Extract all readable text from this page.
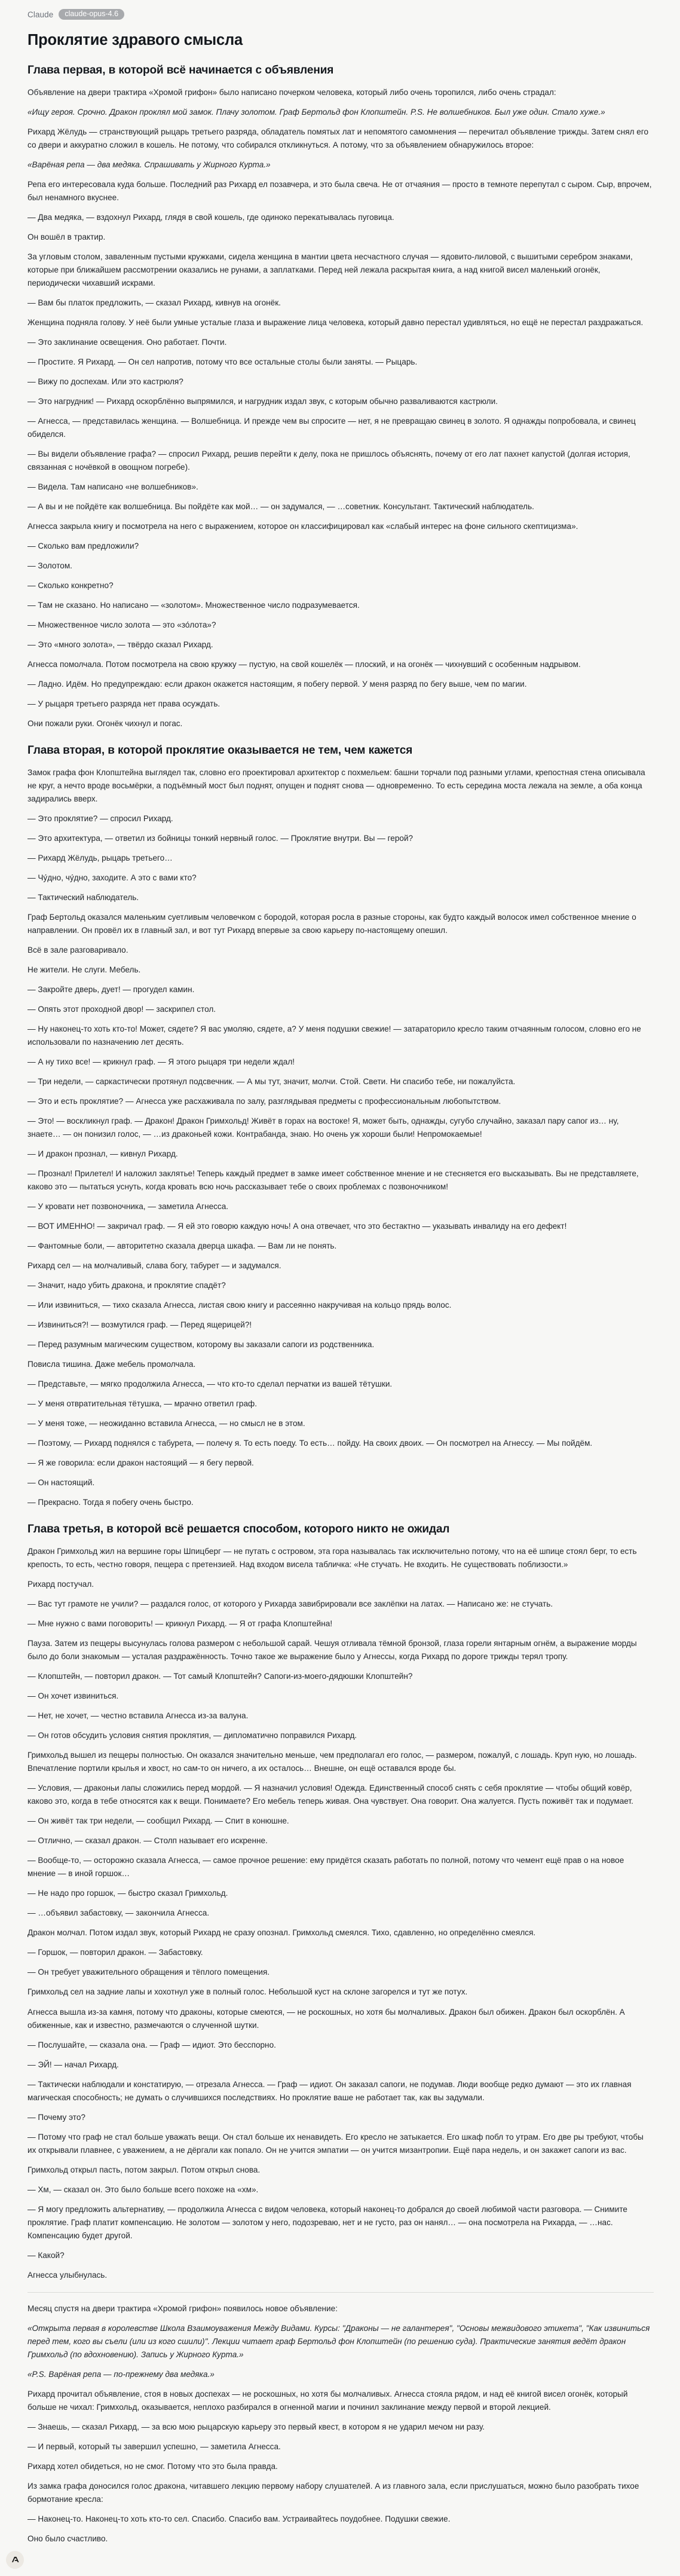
Claude	claude-opus-4.6
Проклятие здравого смысла
Глава первая, в которой всё начинается с объявления

Объявление на двери трактира «Хромой грифон» было написано почерком человека, который либо очень торопился, либо очень страдал:

«Ищу героя. Срочно. Дракон проклял мой замок. Плачу золотом. Граф Бертольд фон Клопштейн. P.S. Не волшебников. Был уже один. Стало хуже.»

Рихард Жёлудь — странствующий рыцарь третьего разряда, обладатель помятых лат и непомятого самомнения — перечитал объявление трижды. Затем снял его со двери и аккуратно сложил в кошель. Не потому, что собирался откликнуться. А потому, что за объявлением обнаружилось второе:

«Варёная репа — два медяка. Спрашивать у Жирного Курта.»

Репа его интересовала куда больше. Последний раз Рихард ел позавчера, и это была свеча. Не от отчаяния — просто в темноте перепутал с сыром. Сыр, впрочем, был ненамного вкуснее.

— Два медяка, — вздохнул Рихард, глядя в свой кошель, где одиноко перекатывалась пуговица.

Он вошёл в трактир.

За угловым столом, заваленным пустыми кружками, сидела женщина в мантии цвета несчастного случая — ядовито-лиловой, с вышитыми серебром знаками, которые при ближайшем рассмотрении оказались не рунами, а заплатками. Перед ней лежала раскрытая книга, а над книгой висел маленький огонёк, периодически чихавший искрами.

— Вам бы платок предложить, — сказал Рихард, кивнув на огонёк.

Женщина подняла голову. У неё были умные усталые глаза и выражение лица человека, который давно перестал удивляться, но ещё не перестал раздражаться.

— Это заклинание освещения. Оно работает. Почти.

— Простите. Я Рихард. — Он сел напротив, потому что все остальные столы были заняты. — Рыцарь.

— Вижу по доспехам. Или это кастрюля?

— Это нагрудник! — Рихард оскорблённо выпрямился, и нагрудник издал звук, с которым обычно разваливаются кастрюли.

— Агнесса, — представилась женщина. — Волшебница. И прежде чем вы спросите — нет, я не превращаю свинец в золото. Я однажды попробовала, и свинец обиделся.

— Вы видели объявление графа? — спросил Рихард, решив перейти к делу, пока не пришлось объяснять, почему от его лат пахнет капустой (долгая история, связанная с ночёвкой в овощном погребе).

— Видела. Там написано «не волшебников».

— А вы и не пойдёте как волшебница. Вы пойдёте как мой… — он задумался, — …советник. Консультант. Тактический наблюдатель.

Агнесса закрыла книгу и посмотрела на него с выражением, которое он классифицировал как «слабый интерес на фоне сильного скептицизма».

— Сколько вам предложили?

— Золотом.

— Сколько конкретно?

— Там не сказано. Но написано — «золотом». Множественное число подразумевается.

— Множественное число золота — это «зо́лота»?

— Это «много золота», — твёрдо сказал Рихард.

Агнесса помолчала. Потом посмотрела на свою кружку — пустую, на свой кошелёк — плоский, и на огонёк — чихнувший с особенным надрывом.

— Ладно. Идём. Но предупреждаю: если дракон окажется настоящим, я побегу первой. У меня разряд по бегу выше, чем по магии.

— У рыцаря третьего разряда нет права осуждать.

Они пожали руки. Огонёк чихнул и погас.

Глава вторая, в которой проклятие оказывается не тем, чем кажется

Замок графа фон Клопштейна выглядел так, словно его проектировал архитектор с похмельем: башни торчали под разными углами, крепостная стена описывала не круг, а нечто вроде восьмёрки, а подъёмный мост был поднят, опущен и поднят снова — одновременно. То есть середина моста лежала на земле, а оба конца задирались вверх.

— Это проклятие? — спросил Рихард.

— Это архитектура, — ответил из бойницы тонкий нервный голос. — Проклятие внутри. Вы — герой?

— Рихард Жёлудь, рыцарь третьего…

— Чу́дно, чу́дно, заходите. А это с вами кто?

— Тактический наблюдатель.

Граф Бертольд оказался маленьким суетливым человечком с бородой, которая росла в разные стороны, как будто каждый волосок имел собственное мнение о направлении. Он провёл их в главный зал, и вот тут Рихард впервые за свою карьеру по-настоящему опешил.

Всё в зале разговаривало.

Не жители. Не слуги. Мебель.

— Закройте дверь, дует! — прогудел камин.

— Опять этот проходной двор! — заскрипел стол.

— Ну наконец-то хоть кто-то! Может, сядете? Я вас умоляю, сядете, а? У меня подушки свежие! — затараторило кресло таким отчаянным голосом, словно его не использовали по назначению лет десять.

— А ну тихо все! — крикнул граф. — Я этого рыцаря три недели ждал!

— Три недели, — саркастически протянул подсвечник. — А мы тут, значит, молчи. Стой. Свети. Ни спасибо тебе, ни пожалуйста.

— Это и есть проклятие? — Агнесса уже расхаживала по залу, разглядывая предметы с профессиональным любопытством.

— Это! — воскликнул граф. — Дракон! Дракон Гримхольд! Живёт в горах на востоке! Я, может быть, однажды, сугубо случайно, заказал пару сапог из… ну, знаете… — он понизил голос, — …из драконьей кожи. Контрабанда, знаю. Но очень уж хороши были! Непромокаемые!

— И дракон прознал, — кивнул Рихард.

— Прознал! Прилетел! И наложил заклятье! Теперь каждый предмет в замке имеет собственное мнение и не стесняется его высказывать. Вы не представляете, каково это — пытаться уснуть, когда кровать всю ночь рассказывает тебе о своих проблемах с позвоночником!

— У кровати нет позвоночника, — заметила Агнесса.

— ВОТ ИМЕННО! — закричал граф. — Я ей это говорю каждую ночь! А она отвечает, что это бестактно — указывать инвалиду на его дефект!

— Фантомные боли, — авторитетно сказала дверца шкафа. — Вам ли не понять.

Рихард сел — на молчаливый, слава богу, табурет — и задумался.

— Значит, надо убить дракона, и проклятие спадёт?

— Или извиниться, — тихо сказала Агнесса, листая свою книгу и рассеянно накручивая на кольцо прядь волос.

— Извиниться?! — возмутился граф. — Перед ящерицей?!

— Перед разумным магическим существом, которому вы заказали сапоги из родственника.

Повисла тишина. Даже мебель промолчала.

— Представьте, — мягко продолжила Агнесса, — что кто-то сделал перчатки из вашей тётушки.

— У меня отвратительная тётушка, — мрачно ответил граф.

— У меня тоже, — неожиданно вставила Агнесса, — но смысл не в этом.

— Поэтому, — Рихард поднялся с табурета, — полечу я. То есть поеду. То есть… пойду. На своих двоих. — Он посмотрел на Агнессу. — Мы пойдём.

— Я же говорила: если дракон настоящий — я бегу первой.

— Он настоящий.

— Прекрасно. Тогда я побегу очень быстро.

Глава третья, в которой всё решается способом, которого никто не ожидал

Дракон Гримхольд жил на вершине горы Шпицберг — не путать с островом, эта гора называлась так исключительно потому, что на её шпице стоял берг, то есть крепость, то есть, честно говоря, пещера с претензией. Над входом висела табличка: «Не стучать. Не входить. Не существовать поблизости.»

Рихард постучал.

— Вас тут грамоте не учили? — раздался голос, от которого у Рихарда завибрировали все заклёпки на латах. — Написано же: не стучать.

— Мне нужно с вами поговорить! — крикнул Рихард. — Я от графа Клопштейна!

Пауза. Затем из пещеры высунулась голова размером с небольшой сарай. Чешуя отливала тёмной бронзой, глаза горели янтарным огнём, а выражение морды было до боли знакомым — усталая раздражённость. Точно такое же выражение было у Агнессы, когда Рихард по дороге трижды терял тропу.

— Клопштейн, — повторил дракон. — Тот самый Клопштейн? Сапоги-из-моего-дядюшки Клопштейн?

— Он хочет извиниться.

— Нет, не хочет, — честно вставила Агнесса из-за валуна.

— Он готов обсудить условия снятия проклятия, — дипломатично поправился Рихард.

Гримхольд вышел из пещеры полностью. Он оказался значительно меньше, чем предполагал его голос, — размером, пожалуй, с лошадь. Круп ную, но лошадь. Впечатление портили крылья и хвост, но сам-то он ничего, а их осталось… Внешне, он ещё оставался вроде бы.

— Условия, — драконьи лапы сложились перед мордой. — Я назначил условия! Одежда. Единственный способ снять с себя проклятие — чтобы общий ковёр, каково это, когда в тебе относятся как к вещи. Понимаете? Его мебель теперь живая. Она чувствует. Она говорит. Она жалуется. Пусть поживёт так и подумает.

— Он живёт так три недели, — сообщил Рихард. — Спит в конюшне.

— Отлично, — сказал дракон. — Столп называет его искренне.

— Вообще-то, — осторожно сказала Агнесса, — самое прочное решение: ему придётся сказать работать по полной, потому что чемент ещё прав о на новое мнение — в иной горшок…

— Не надо про горшок, — быстро сказал Гримхольд.

— …объявил забастовку, — закончила Агнесса.

Дракон молчал. Потом издал звук, который Рихард не сразу опознал. Гримхольд смеялся. Тихо, сдавленно, но определённо смеялся.

— Горшок, — повторил дракон. — Забастовку.

— Он требует уважительного обращения и тёплого помещения.

Гримхольд сел на задние лапы и хохотнул уже в полный голос. Небольшой куст на склоне загорелся и тут же потух.

Агнесса вышла из-за камня, потому что драконы, которые смеются, — не роскошных, но хотя бы молчаливых. Дракон был обижен. Дракон был оскорблён. А обиженные, как и известно, размечаются о слученной шутки.

— Послушайте, — сказала она. — Граф — идиот. Это бесспорно.

— ЭЙ! — начал Рихард.

— Тактически наблюдали и констатирую, — отрезала Агнесса. — Граф — идиот. Он заказал сапоги, не подумав. Люди вообще редко думают — это их главная магическая способность; не думать о случившихся последствиях. Но проклятие ваше не работает так, как вы задумали.

— Почему это?

— Потому что граф не стал больше уважать вещи. Он стал больше их ненавидеть. Его кресло не затыкается. Его шкаф побл то утрам. Его две ры требуют, чтобы их открывали плавнее, с уважением, а не дёргали как попало. Он не учится эмпатии — он учится мизантропии. Ещё пара недель, и он закажет сапоги из вас.

Гримхольд открыл пасть, потом закрыл. Потом открыл снова.

— Хм, — сказал он. Это было больше всего похоже на «хм».

— Я могу предложить альтернативу, — продолжила Агнесса с видом человека, который наконец-то добрался до своей любимой части разговора. — Снимите проклятие. Граф платит компенсацию. Не золотом — золотом у него, подозреваю, нет и не густо, раз он нанял… — она посмотрела на Рихарда, — …нас. Компенсацию будет другой.

— Какой?

Агнесса улыбнулась.

Месяц спустя на двери трактира «Хромой грифон» появилось новое объявление:

«Открыта первая в королевстве Школа Взаимоуважения Между Видами. Курсы: "Драконы — не галантерея", "Основы межвидового этикета", "Как извиниться перед тем, кого вы съели (или из кого сшили)". Лекции читает граф Бертольд фон Клопштейн (по решению суда). Практические занятия ведёт дракон Гримхольд (по вдохновению). Запись у Жирного Курта.»

«P.S. Варёная репа — по-прежнему два медяка.»

Рихард прочитал объявление, стоя в новых доспехах — не роскошных, но хотя бы молчаливых. Агнесса стояла рядом, и над её книгой висел огонёк, который больше не чихал: Гримхольд, оказывается, неплохо разбирался в огненной магии и починил заклинание между первой и второй лекцией.

— Знаешь, — сказал Рихард, — за всю мою рыцарскую карьеру это первый квест, в котором я не ударил мечом ни разу.

— И первый, который ты завершил успешно, — заметила Агнесса.

Рихард хотел обидеться, но не смог. Потому что это была правда.

Из замка графа доносился голос дракона, читавшего лекцию первому набору слушателей. А из главного зала, если прислушаться, можно было разобрать тихое бормотание кресла:

— Наконец-то. Наконец-то хоть кто-то сел. Спасибо. Спасибо вам. Устраивайтесь поудобнее. Подушки свежие.

Оно было счастливо.
